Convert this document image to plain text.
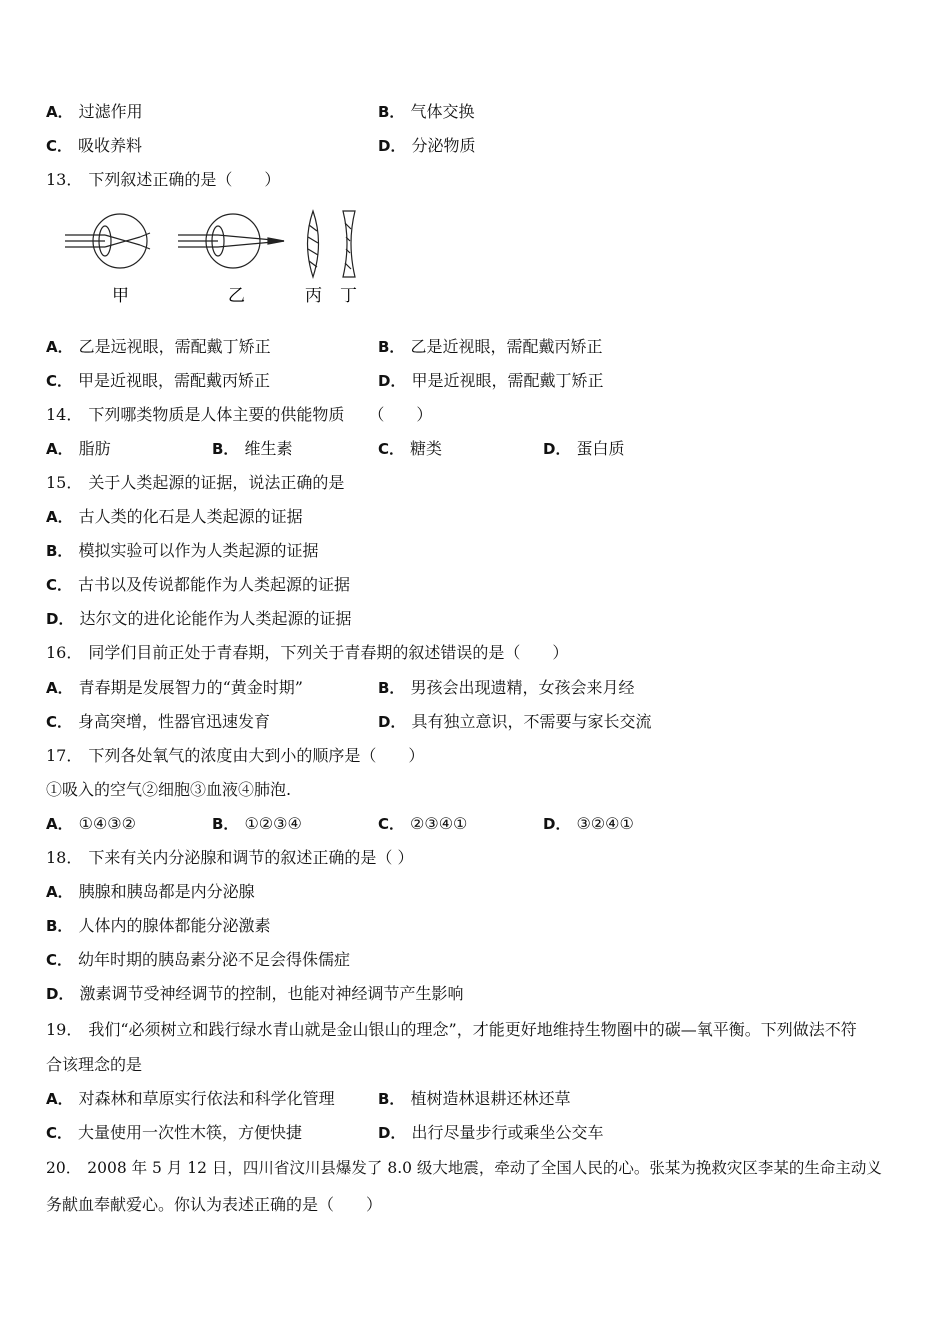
A． 过滤作用	B． 气体交换
C． 吸收养料	D． 分泌物质
13． 下列叙述正确的是（　　）
甲	乙	丙 丁
A． 乙是远视眼，需配戴丁矫正	B． 乙是近视眼，需配戴丙矫正
C． 甲是近视眼，需配戴丙矫正	D． 甲是近视眼，需配戴丁矫正
14． 下列哪类物质是人体主要的供能物质　　（　　）
A． 脂肪	B． 维生素	C． 糖类	D． 蛋白质
15． 关于人类起源的证据，说法正确的是
A． 古人类的化石是人类起源的证据
B． 模拟实验可以作为人类起源的证据
C． 古书以及传说都能作为人类起源的证据
D． 达尔文的进化论能作为人类起源的证据
16． 同学们目前正处于青春期，下列关于青春期的叙述错误的是（　　）
A． 青春期是发展智力的“黄金时期”	B． 男孩会出现遗精，女孩会来月经
C． 身高突增，性器官迅速发育	D． 具有独立意识，不需要与家长交流
17． 下列各处氧气的浓度由大到小的顺序是（　　）
①吸入的空气②细胞③血液④肺泡.
A． ①④③②	B． ①②③④	C． ②③④①	D． ③②④①
18． 下来有关内分泌腺和调节的叙述正确的是（ ）
A． 胰腺和胰岛都是内分泌腺
B． 人体内的腺体都能分泌激素
C． 幼年时期的胰岛素分泌不足会得侏儒症
D． 激素调节受神经调节的控制，也能对神经调节产生影响
19． 我们“必须树立和践行绿水青山就是金山银山的理念”，才能更好地维持生物圈中的碳—氧平衡。下列做法不符
合该理念的是
A． 对森林和草原实行依法和科学化管理	B． 植树造林退耕还林还草
C． 大量使用一次性木筷，方便快捷	D． 出行尽量步行或乘坐公交车
20． 2008 年 5 月 12 日，四川省汶川县爆发了 8.0 级大地震，牵动了全国人民的心。张某为挽救灾区李某的生命主动义
务献血奉献爱心。你认为表述正确的是（　　）
